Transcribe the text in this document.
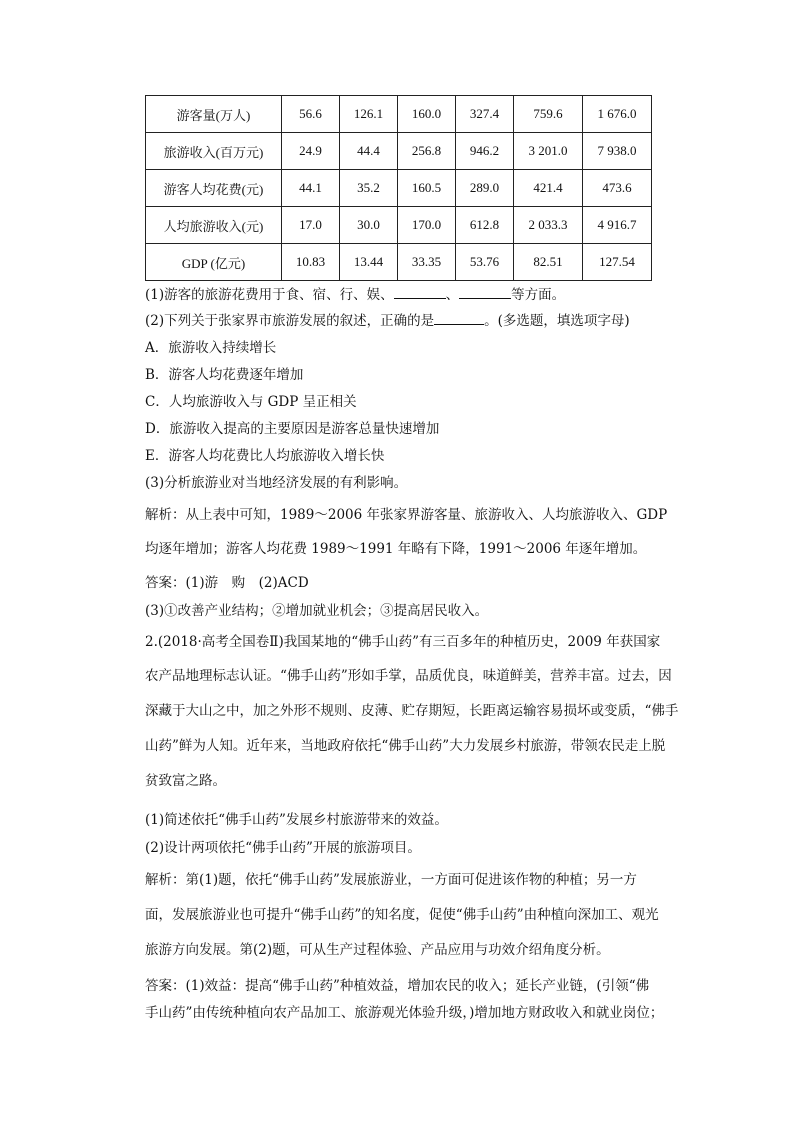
游客量(万人)	56.6	126.1	160.0	327.4	759.6	1 676.0
旅游收入(百万元)	24.9	44.4	256.8	946.2	3 201.0	7 938.0
游客人均花费(元)	44.1	35.2	160.5	289.0	421.4	473.6
人均旅游收入(元)	17.0	30.0	170.0	612.8	2 033.3	4 916.7
GDP (亿元)	10.83	13.44	33.35	53.76	82.51	127.54
(1)游客的旅游花费用于食、宿、行、娱、	、	等方面。
(2)下列关于张家界市旅游发展的叙述，正确的是	。(多选题，填选项字母)
A．旅游收入持续增长
B．游客人均花费逐年增加
C．人均旅游收入与 GDP 呈正相关
D．旅游收入提高的主要原因是游客总量快速增加
E．游客人均花费比人均旅游收入增长快
(3)分析旅游业对当地经济发展的有利影响。
解析：从上表中可知，1989～2006 年张家界游客量、旅游收入、人均旅游收入、GDP
均逐年增加；游客人均花费 1989～1991 年略有下降，1991～2006 年逐年增加。
答案：(1)游　购　(2)ACD
(3)①改善产业结构；②增加就业机会；③提高居民收入。
2.(2018·高考全国卷Ⅱ)我国某地的“佛手山药”有三百多年的种植历史，2009 年获国家
农产品地理标志认证。“佛手山药”形如手掌，品质优良，味道鲜美，营养丰富。过去，因
深藏于大山之中，加之外形不规则、皮薄、贮存期短，长距离运输容易损坏或变质，“佛手
山药”鲜为人知。近年来，当地政府依托“佛手山药”大力发展乡村旅游，带领农民走上脱
贫致富之路。
(1)简述依托“佛手山药”发展乡村旅游带来的效益。
(2)设计两项依托“佛手山药”开展的旅游项目。
解析：第(1)题，依托“佛手山药”发展旅游业，一方面可促进该作物的种植；另一方
面，发展旅游业也可提升“佛手山药”的知名度，促使“佛手山药”由种植向深加工、观光
旅游方向发展。第(2)题，可从生产过程体验、产品应用与功效介绍角度分析。
答案：(1)效益：提高“佛手山药”种植效益，增加农民的收入；延长产业链，(引领“佛
手山药”由传统种植向农产品加工、旅游观光体验升级，)增加地方财政收入和就业岗位；
